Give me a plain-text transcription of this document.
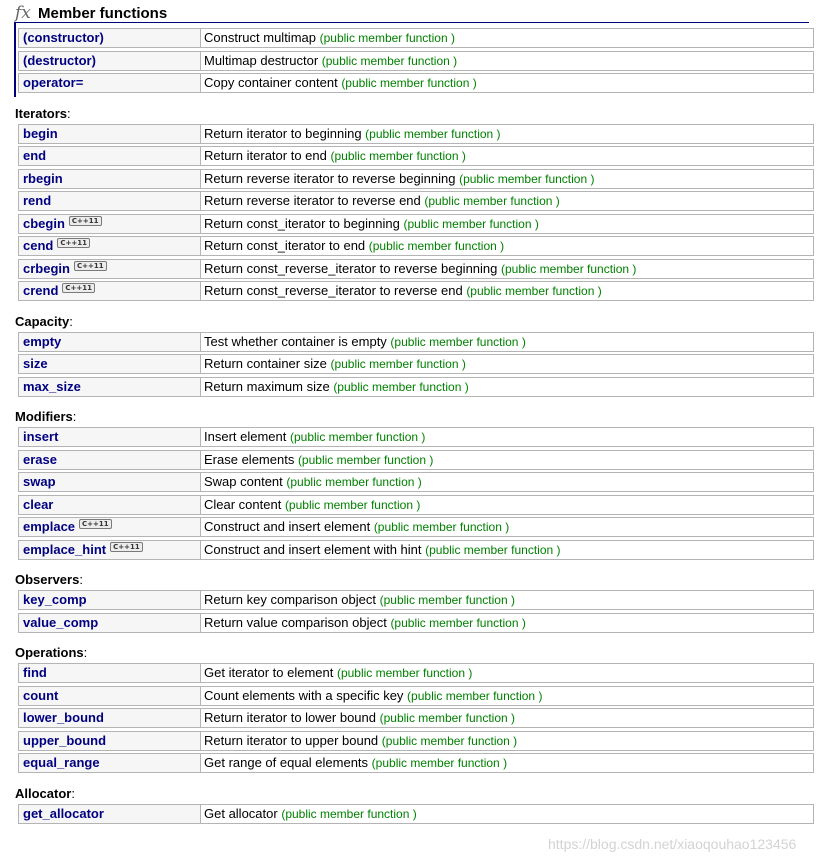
fx Member functions
https://blog.csdn.net/xiaoqouhao123456
(constructor)	Construct multimap (public member function )
(destructor)	Multimap destructor (public member function )
operator=	Copy container content (public member function )
Iterators:
begin	Return iterator to beginning (public member function )
end	Return iterator to end (public member function )
rbegin	Return reverse iterator to reverse beginning (public member function )
rend	Return reverse iterator to reverse end (public member function )
cbegin C++11	Return const_iterator to beginning (public member function )
cend C++11	Return const_iterator to end (public member function )
crbegin C++11	Return const_reverse_iterator to reverse beginning (public member function )
crend C++11	Return const_reverse_iterator to reverse end (public member function )
Capacity:
empty	Test whether container is empty (public member function )
size	Return container size (public member function )
max_size	Return maximum size (public member function )
Modifiers:
insert	Insert element (public member function )
erase	Erase elements (public member function )
swap	Swap content (public member function )
clear	Clear content (public member function )
emplace C++11	Construct and insert element (public member function )
emplace_hint C++11	Construct and insert element with hint (public member function )
Observers:
key_comp	Return key comparison object (public member function )
value_comp	Return value comparison object (public member function )
Operations:
find	Get iterator to element (public member function )
count	Count elements with a specific key (public member function )
lower_bound	Return iterator to lower bound (public member function )
upper_bound	Return iterator to upper bound (public member function )
equal_range	Get range of equal elements (public member function )
Allocator:
get_allocator	Get allocator (public member function )
